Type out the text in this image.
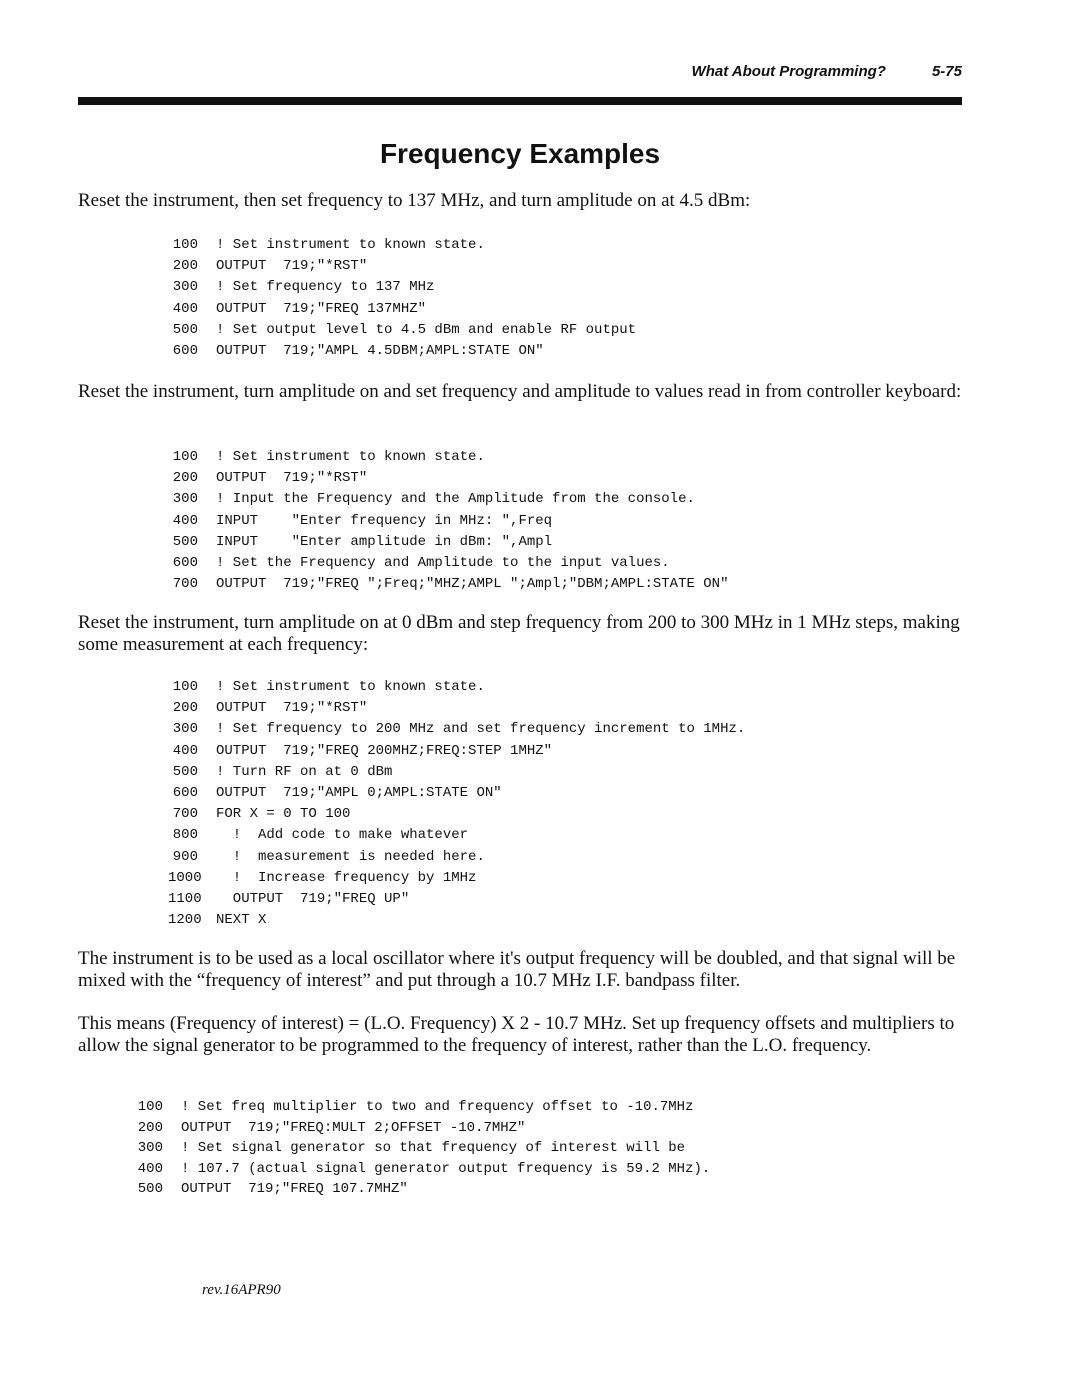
What About Programming?	5-75
Frequency Examples
Reset the instrument, then set frequency to 137 MHz, and turn amplitude on at 4.5 dBm:
100 ! Set instrument to known state.
200 OUTPUT  719;"*RST"
300 ! Set frequency to 137 MHz
400 OUTPUT  719;"FREQ 137MHZ"
500 ! Set output level to 4.5 dBm and enable RF output
600 OUTPUT  719;"AMPL 4.5DBM;AMPL:STATE ON"
Reset the instrument, turn amplitude on and set frequency and amplitude to values read in from controller keyboard:
100 ! Set instrument to known state.
200 OUTPUT  719;"*RST"
300 ! Input the Frequency and the Amplitude from the console.
400 INPUT    "Enter frequency in MHz: ",Freq
500 INPUT    "Enter amplitude in dBm: ",Ampl
600 ! Set the Frequency and Amplitude to the input values.
700 OUTPUT  719;"FREQ ";Freq;"MHZ;AMPL ";Ampl;"DBM;AMPL:STATE ON"
Reset the instrument, turn amplitude on at 0 dBm and step frequency from 200 to 300 MHz in 1 MHz steps, making some measurement at each frequency:
100 ! Set instrument to known state.
200 OUTPUT  719;"*RST"
300 ! Set frequency to 200 MHz and set frequency increment to 1MHz.
400 OUTPUT  719;"FREQ 200MHZ;FREQ:STEP 1MHZ"
500 ! Turn RF on at 0 dBm
600 OUTPUT  719;"AMPL 0;AMPL:STATE ON"
700 FOR X = 0 TO 100
800 !  Add code to make whatever
900 !  measurement is needed here.
1000 !  Increase frequency by 1MHz
1100 OUTPUT  719;"FREQ UP"
1200 NEXT X
The instrument is to be used as a local oscillator where it's output frequency will be doubled, and that signal will be mixed with the “frequency of interest” and put through a 10.7 MHz I.F. bandpass filter.
This means (Frequency of interest) = (L.O. Frequency) X 2 - 10.7 MHz. Set up frequency offsets and multipliers to allow the signal generator to be programmed to the frequency of interest, rather than the L.O. frequency.
100 ! Set freq multiplier to two and frequency offset to -10.7MHz
200 OUTPUT  719;"FREQ:MULT 2;OFFSET -10.7MHZ"
300 ! Set signal generator so that frequency of interest will be
400 ! 107.7 (actual signal generator output frequency is 59.2 MHz).
500 OUTPUT  719;"FREQ 107.7MHZ"
rev.16APR90
